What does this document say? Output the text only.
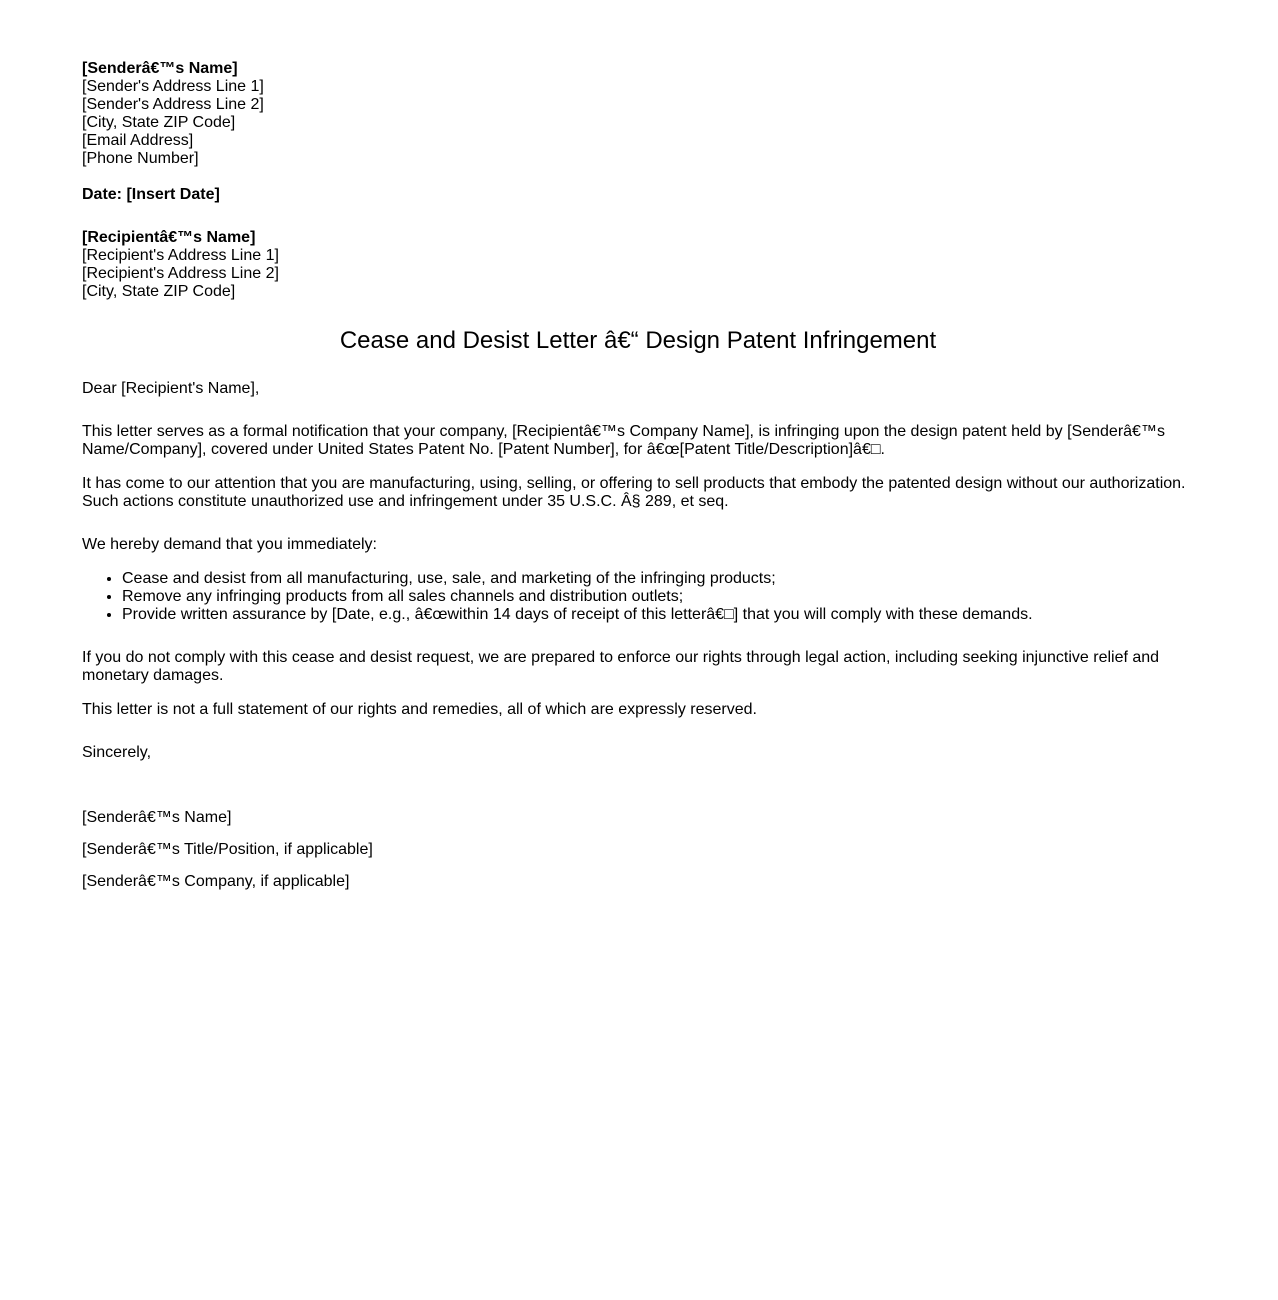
[Senderâ€™s Name]
[Sender's Address Line 1]
[Sender's Address Line 2]
[City, State ZIP Code]
[Email Address]
[Phone Number]
Date: [Insert Date]
[Recipientâ€™s Name]
[Recipient's Address Line 1]
[Recipient's Address Line 2]
[City, State ZIP Code]
Cease and Desist Letter â€“ Design Patent Infringement

Dear [Recipient's Name],

This letter serves as a formal notification that your company, [Recipientâ€™s Company Name], is infringing upon the design patent held by [Senderâ€™s Name/Company], covered under United States Patent No. [Patent Number], for â€œ[Patent Title/Description]â€□.

It has come to our attention that you are manufacturing, using, selling, or offering to sell products that embody the patented design without our authorization. Such actions constitute unauthorized use and infringement under 35 U.S.C. Â§ 289, et seq.

We hereby demand that you immediately:

• Cease and desist from all manufacturing, use, sale, and marketing of the infringing products;
• Remove any infringing products from all sales channels and distribution outlets;
• Provide written assurance by [Date, e.g., â€œwithin 14 days of receipt of this letterâ€□] that you will comply with these demands.

If you do not comply with this cease and desist request, we are prepared to enforce our rights through legal action, including seeking injunctive relief and monetary damages.

This letter is not a full statement of our rights and remedies, all of which are expressly reserved.

Sincerely,

[Senderâ€™s Name]

[Senderâ€™s Title/Position, if applicable]

[Senderâ€™s Company, if applicable]
